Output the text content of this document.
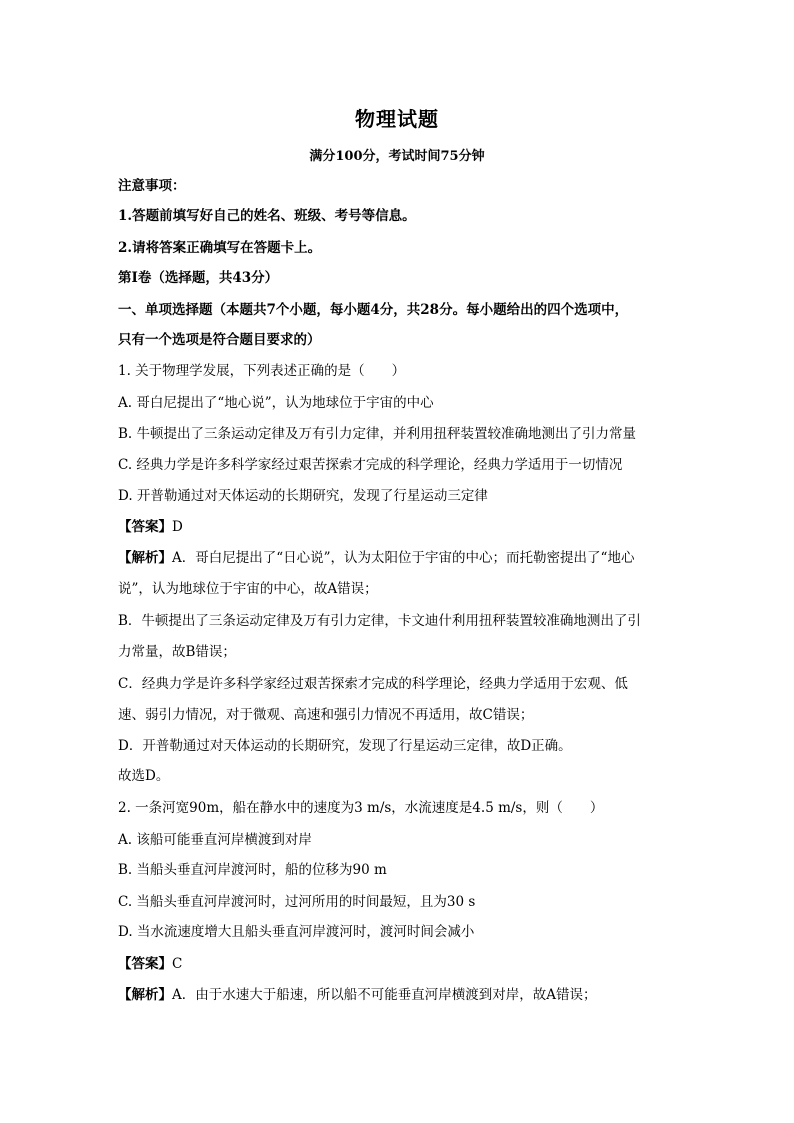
物理试题

满分100分，考试时间75分钟

注意事项：

1.答题前填写好自己的姓名、班级、考号等信息。

2.请将答案正确填写在答题卡上。

第I卷（选择题，共43分）

一、单项选择题（本题共7个小题，每小题4分，共28分。每小题给出的四个选项中，

只有一个选项是符合题目要求的）

1. 关于物理学发展，下列表述正确的是（　　）

A. 哥白尼提出了“地心说”，认为地球位于宇宙的中心

B. 牛顿提出了三条运动定律及万有引力定律，并利用扭秤装置较准确地测出了引力常量

C. 经典力学是许多科学家经过艰苦探索才完成的科学理论，经典力学适用于一切情况

D. 开普勒通过对天体运动的长期研究，发现了行星运动三定律

【答案】D

【解析】A．哥白尼提出了“日心说”，认为太阳位于宇宙的中心；而托勒密提出了“地心

说”，认为地球位于宇宙的中心，故A错误；

B．牛顿提出了三条运动定律及万有引力定律，卡文迪什利用扭秤装置较准确地测出了引

力常量，故B错误；

C．经典力学是许多科学家经过艰苦探索才完成的科学理论，经典力学适用于宏观、低

速、弱引力情况，对于微观、高速和强引力情况不再适用，故C错误；

D．开普勒通过对天体运动的长期研究，发现了行星运动三定律，故D正确。

故选D。

2. 一条河宽90m，船在静水中的速度为3 m/s，水流速度是4.5 m/s，则（　　）

A. 该船可能垂直河岸横渡到对岸

B. 当船头垂直河岸渡河时，船的位移为90 m

C. 当船头垂直河岸渡河时，过河所用的时间最短，且为30 s

D. 当水流速度增大且船头垂直河岸渡河时，渡河时间会减小

【答案】C

【解析】A．由于水速大于船速，所以船不可能垂直河岸横渡到对岸，故A错误；
